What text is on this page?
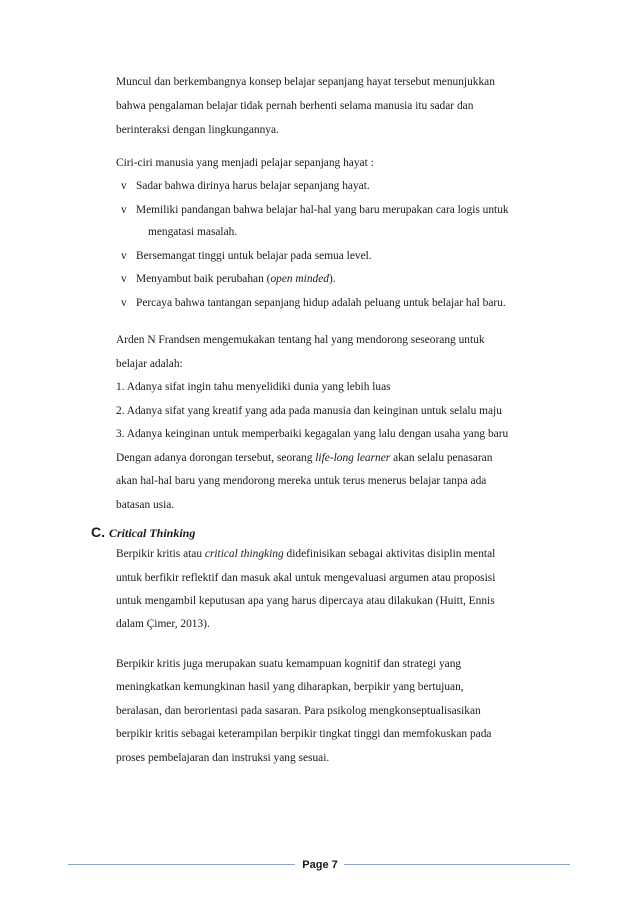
Muncul dan berkembangnya konsep belajar sepanjang hayat tersebut menunjukkan
bahwa pengalaman belajar tidak pernah berhenti selama manusia itu sadar dan
berinteraksi dengan lingkungannya.
Ciri-ciri manusia yang menjadi pelajar sepanjang hayat :
v Sadar bahwa dirinya harus belajar sepanjang hayat.
v Memiliki pandangan bahwa belajar hal-hal yang baru merupakan cara logis untuk
mengatasi masalah.
v Bersemangat tinggi untuk belajar pada semua level.
v Menyambut baik perubahan (open minded).
v Percaya bahwa tantangan sepanjang hidup adalah peluang untuk belajar hal baru.
Arden N Frandsen mengemukakan tentang hal yang mendorong seseorang untuk
belajar adalah:
1. Adanya sifat ingin tahu menyelidiki dunia yang lebih luas
2. Adanya sifat yang kreatif yang ada pada manusia dan keinginan untuk selalu maju
3. Adanya keinginan untuk memperbaiki kegagalan yang lalu dengan usaha yang baru
Dengan adanya dorongan tersebut, seorang life-long learner akan selalu penasaran
akan hal-hal baru yang mendorong mereka untuk terus menerus belajar tanpa ada
batasan usia.
C. Critical Thinking
Berpikir kritis atau critical thingking didefinisikan sebagai aktivitas disiplin mental
untuk berfikir reflektif dan masuk akal untuk mengevaluasi argumen atau proposisi
untuk mengambil keputusan apa yang harus dipercaya atau dilakukan (Huitt, Ennis
dalam Çimer, 2013).
Berpikir kritis juga merupakan suatu kemampuan kognitif dan strategi yang
meningkatkan kemungkinan hasil yang diharapkan, berpikir yang bertujuan,
beralasan, dan berorientasi pada sasaran. Para psikolog mengkonseptualisasikan
berpikir kritis sebagai keterampilan berpikir tingkat tinggi dan memfokuskan pada
proses pembelajaran dan instruksi yang sesuai.
Page 7
